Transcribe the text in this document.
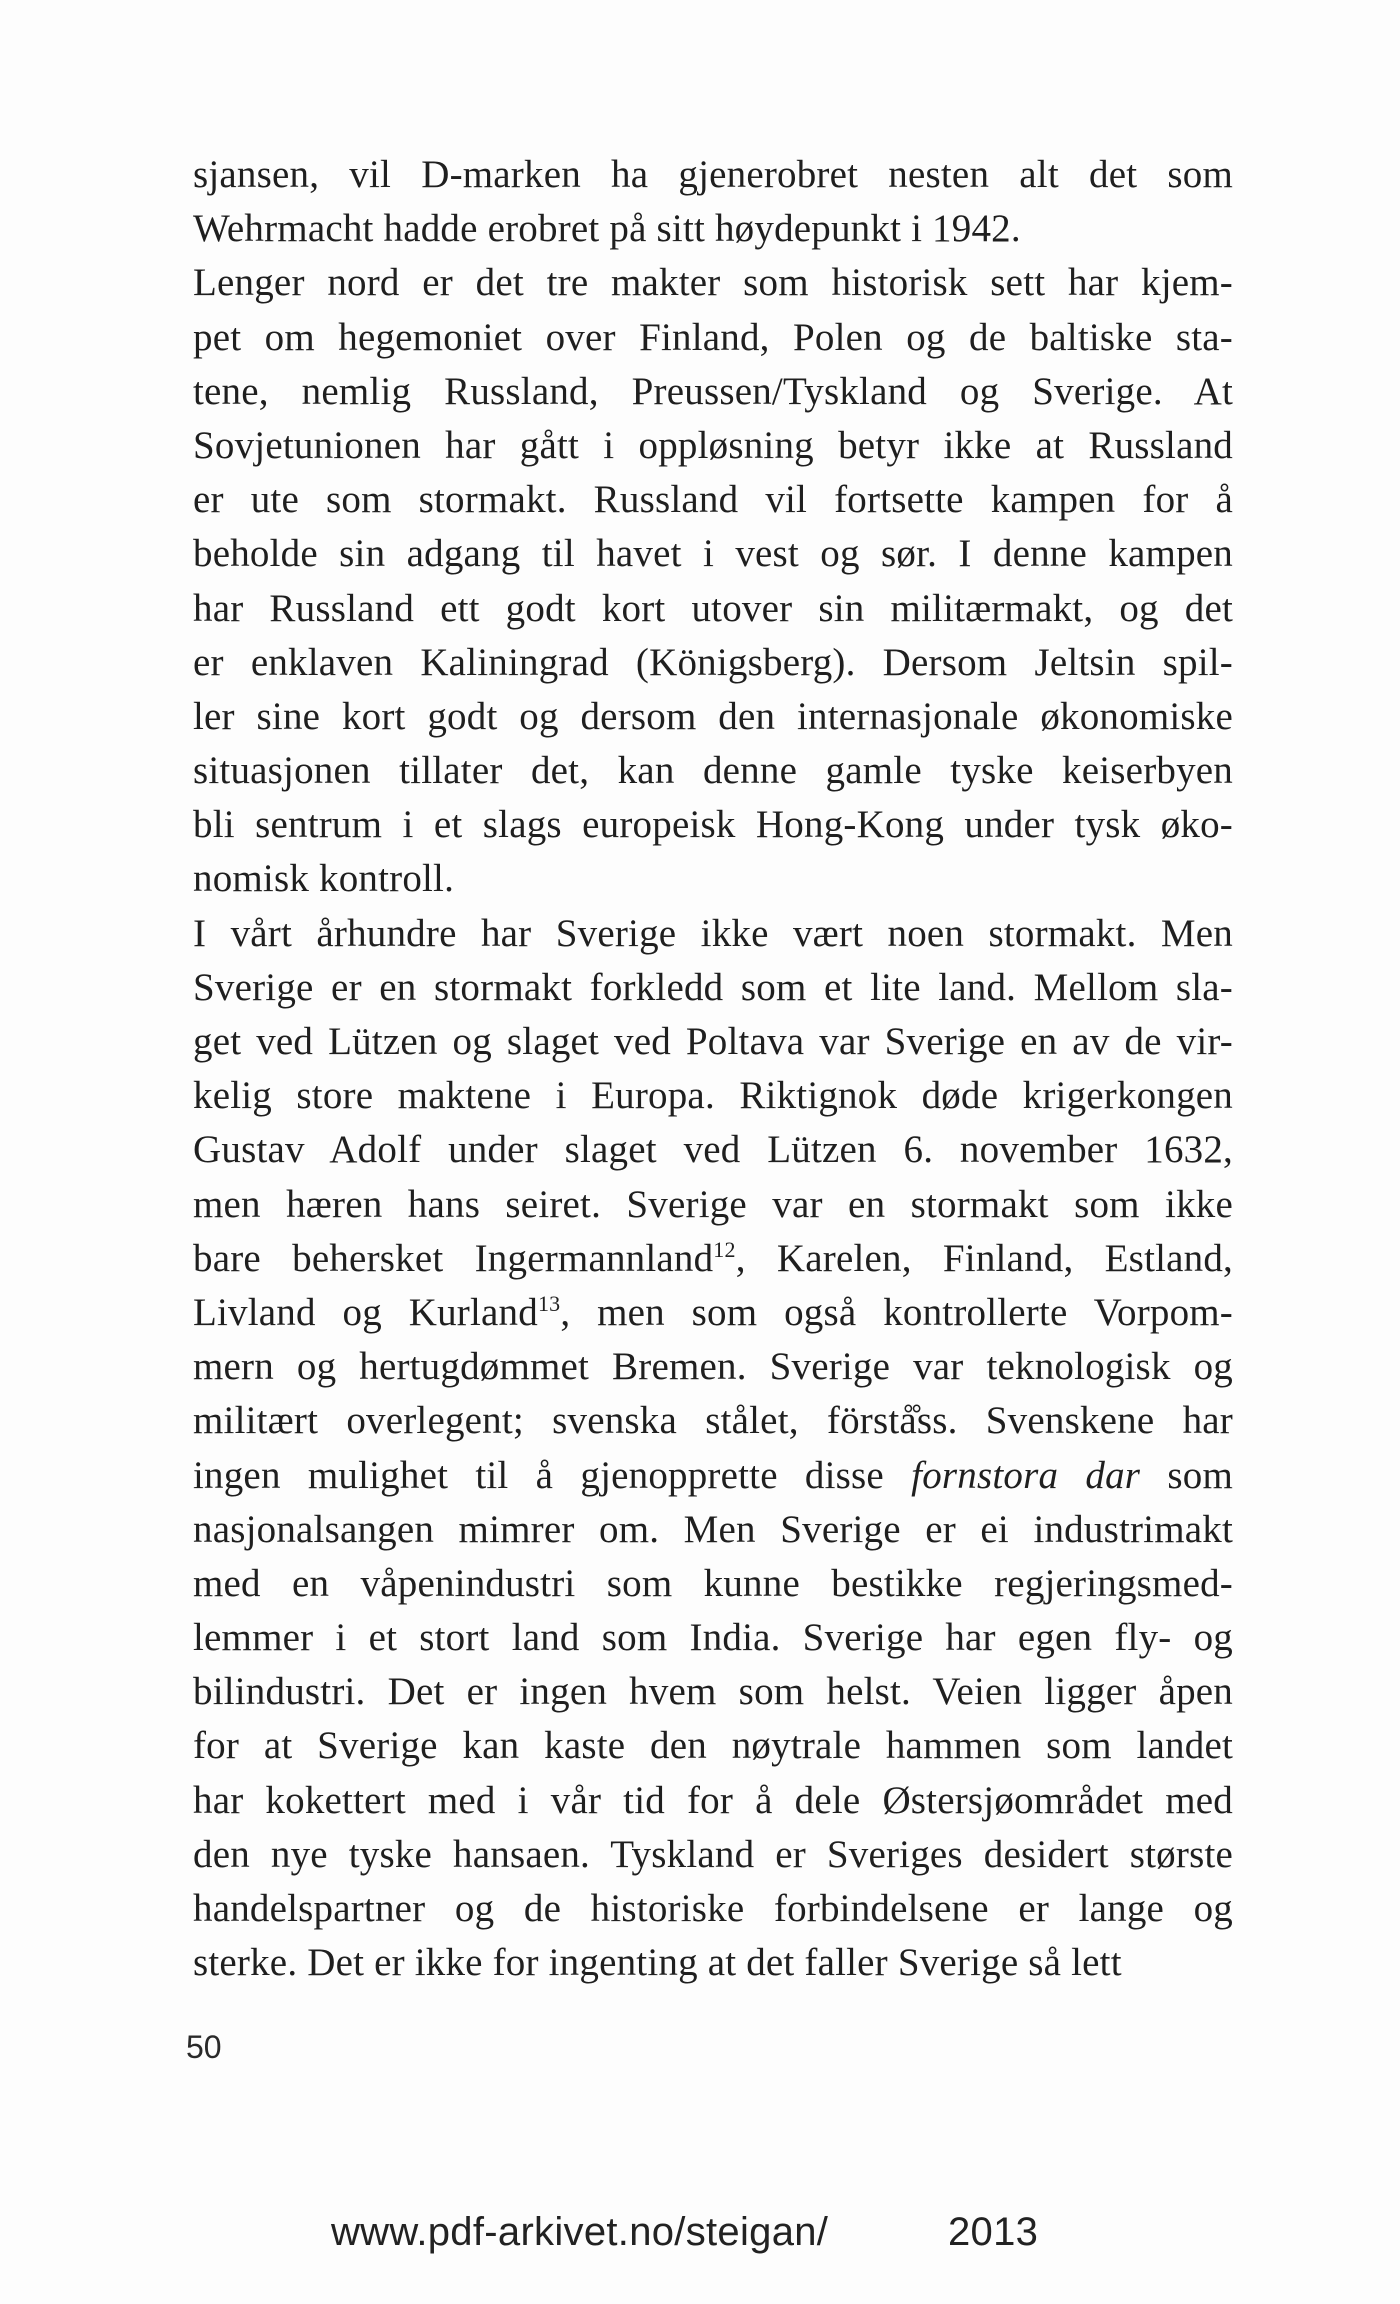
sjansen, vil D-marken ha gjenerobret nesten alt det som
Wehrmacht hadde erobret på sitt høydepunkt i 1942.
Lenger nord er det tre makter som historisk sett har kjem-
pet om hegemoniet over Finland, Polen og de baltiske sta-
tene, nemlig Russland, Preussen/Tyskland og Sverige. At
Sovjetunionen har gått i oppløsning betyr ikke at Russland
er ute som stormakt. Russland vil fortsette kampen for å
beholde sin adgang til havet i vest og sør. I denne kampen
har Russland ett godt kort utover sin militærmakt, og det
er enklaven Kaliningrad (Königsberg). Dersom Jeltsin spil-
ler sine kort godt og dersom den internasjonale økonomiske
situasjonen tillater det, kan denne gamle tyske keiserbyen
bli sentrum i et slags europeisk Hong-Kong under tysk øko-
nomisk kontroll.
I vårt århundre har Sverige ikke vært noen stormakt. Men
Sverige er en stormakt forkledd som et lite land. Mellom sla-
get ved Lützen og slaget ved Poltava var Sverige en av de vir-
kelig store maktene i Europa. Riktignok døde krigerkongen
Gustav Adolf under slaget ved Lützen 6. november 1632,
men hæren hans seiret. Sverige var en stormakt som ikke
bare behersket Ingermannland$^{12}$, Karelen, Finland, Estland,
Livland og Kurland$^{13}$, men som også kontrollerte Vorpom-
mern og hertugdømmet Bremen. Sverige var teknologisk og
militært overlegent; svenska stålet, förstå̊ss. Svenskene har
ingen mulighet til å gjenopprette disse fornstora dar som
nasjonalsangen mimrer om. Men Sverige er ei industrimakt
med en våpenindustri som kunne bestikke regjeringsmed-
lemmer i et stort land som India. Sverige har egen fly- og
bilindustri. Det er ingen hvem som helst. Veien ligger åpen
for at Sverige kan kaste den nøytrale hammen som landet
har kokettert med i vår tid for å dele Østersjøområdet med
den nye tyske hansaen. Tyskland er Sveriges desidert største
handelspartner og de historiske forbindelsene er lange og
sterke. Det er ikke for ingenting at det faller Sverige så lett
50
www.pdf-arkivet.no/steigan/	2013
